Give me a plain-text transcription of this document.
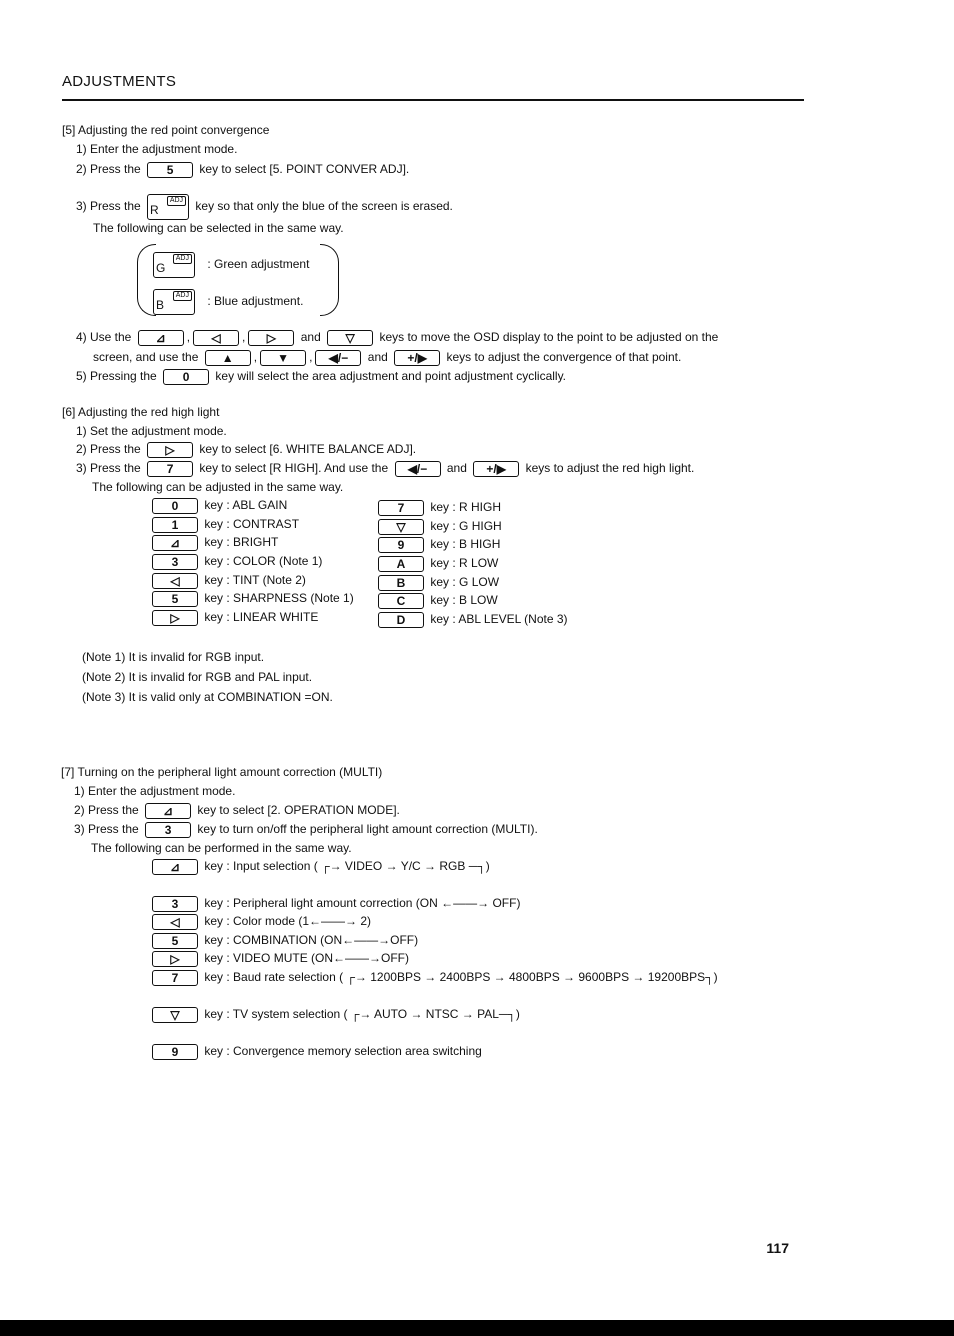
ADJUSTMENTS
[5] Adjusting the red point convergence
1) Enter the adjustment mode.
2) Press the 5 key to select [5. POINT CONVER ADJ].
3) Press the R
ADJ key so that only the blue of the screen is erased.
The following can be selected in the same way.
G
ADJ : Green adjustment
B
ADJ : Blue adjustment.
4) Use the ⊿ , ◁ , ▷ and ▽ keys to move the OSD display to the point to be adjusted on the
screen, and use the ▲ , ▼ , ◀/− and +/▶ keys to adjust the convergence of that point.
5) Pressing the 0 key will select the area adjustment and point adjustment cyclically.
[6] Adjusting the red high light
1) Set the adjustment mode.
2) Press the ▷ key to select [6. WHITE BALANCE ADJ].
3) Press the 7 key to select [R HIGH]. And use the ◀/− and +/▶ keys to adjust the red high light.
The following can be adjusted in the same way.
0 key : ABL GAIN
1 key : CONTRAST
⊿ key : BRIGHT
3 key : COLOR (Note 1)
◁ key : TINT (Note 2)
5 key : SHARPNESS (Note 1)
▷ key : LINEAR WHITE
7 key : R HIGH
▽ key : G HIGH
9 key : B HIGH
A key : R LOW
B key : G LOW
C key : B LOW
D key : ABL LEVEL (Note 3)
(Note 1) It is invalid for RGB input.
(Note 2) It is invalid for RGB and PAL input.
(Note 3) It is valid only at COMBINATION =ON.
[7] Turning on the peripheral light amount correction (MULTI)
1) Enter the adjustment mode.
2) Press the ⊿ key to select [2. OPERATION MODE].
3) Press the 3 key to turn on/off the peripheral light amount correction (MULTI).
The following can be performed in the same way.
⊿ key : Input selection ( ┌→ VIDEO → Y/C → RGB ─┐)
3 key : Peripheral light amount correction (ON ←——→ OFF)
◁ key : Color mode (1←——→ 2)
5 key : COMBINATION (ON←——→OFF)
▷ key : VIDEO MUTE (ON←——→OFF)
7 key : Baud rate selection ( ┌→ 1200BPS → 2400BPS → 4800BPS → 9600BPS → 19200BPS┐)
▽ key : TV system selection ( ┌→ AUTO → NTSC → PAL─┐)
9 key : Convergence memory selection area switching
117
